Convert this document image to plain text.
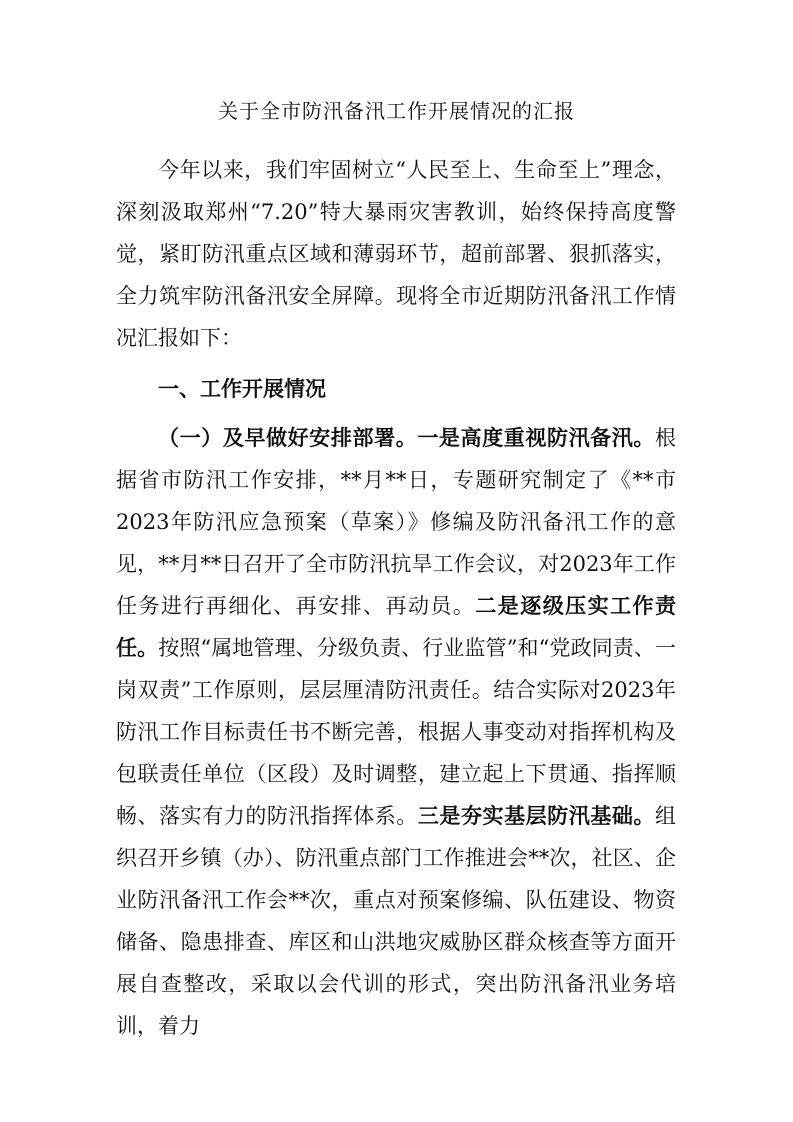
关于全市防汛备汛工作开展情况的汇报

今年以来，我们牢固树立“人民至上、生命至上”理念，深刻汲取郑州“7.20”特大暴雨灾害教训，始终保持高度警觉，紧盯防汛重点区域和薄弱环节，超前部署、狠抓落实，全力筑牢防汛备汛安全屏障。现将全市近期防汛备汛工作情况汇报如下：

一、工作开展情况

（一）及早做好安排部署。一是高度重视防汛备汛。根据省市防汛工作安排，**月**日，专题研究制定了《**市2023年防汛应急预案（草案）》修编及防汛备汛工作的意见，**月**日召开了全市防汛抗旱工作会议，对2023年工作任务进行再细化、再安排、再动员。二是逐级压实工作责任。按照“属地管理、分级负责、行业监管”和“党政同责、一岗双责”工作原则，层层厘清防汛责任。结合实际对2023年防汛工作目标责任书不断完善，根据人事变动对指挥机构及包联责任单位（区段）及时调整，建立起上下贯通、指挥顺畅、落实有力的防汛指挥体系。三是夯实基层防汛基础。组织召开乡镇（办）、防汛重点部门工作推进会**次，社区、企业防汛备汛工作会**次，重点对预案修编、队伍建设、物资储备、隐患排查、库区和山洪地灾威胁区群众核查等方面开展自查整改，采取以会代训的形式，突出防汛备汛业务培训，着力
